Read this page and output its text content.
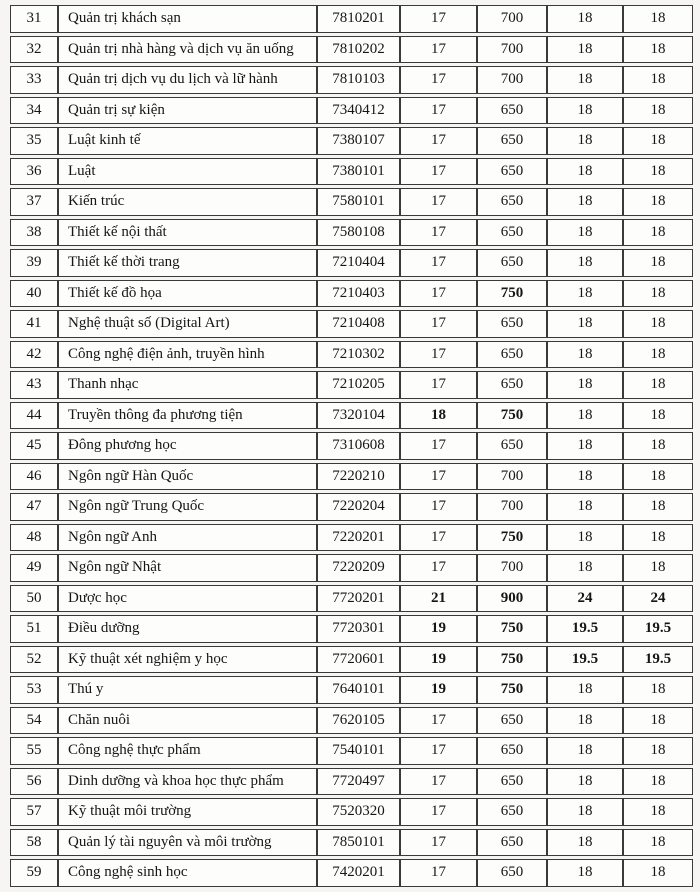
31	Quản trị khách sạn	7810201	17	700	18	18
32	Quản trị nhà hàng và dịch vụ ăn uống	7810202	17	700	18	18
33	Quản trị dịch vụ du lịch và lữ hành	7810103	17	700	18	18
34	Quản trị sự kiện	7340412	17	650	18	18
35	Luật kinh tế	7380107	17	650	18	18
36	Luật	7380101	17	650	18	18
37	Kiến trúc	7580101	17	650	18	18
38	Thiết kế nội thất	7580108	17	650	18	18
39	Thiết kế thời trang	7210404	17	650	18	18
40	Thiết kế đồ họa	7210403	17	750	18	18
41	Nghệ thuật số (Digital Art)	7210408	17	650	18	18
42	Công nghệ điện ảnh, truyền hình	7210302	17	650	18	18
43	Thanh nhạc	7210205	17	650	18	18
44	Truyền thông đa phương tiện	7320104	18	750	18	18
45	Đông phương học	7310608	17	650	18	18
46	Ngôn ngữ Hàn Quốc	7220210	17	700	18	18
47	Ngôn ngữ Trung Quốc	7220204	17	700	18	18
48	Ngôn ngữ Anh	7220201	17	750	18	18
49	Ngôn ngữ Nhật	7220209	17	700	18	18
50	Dược học	7720201	21	900	24	24
51	Điều dưỡng	7720301	19	750	19.5	19.5
52	Kỹ thuật xét nghiệm y học	7720601	19	750	19.5	19.5
53	Thú y	7640101	19	750	18	18
54	Chăn nuôi	7620105	17	650	18	18
55	Công nghệ thực phẩm	7540101	17	650	18	18
56	Dinh dưỡng và khoa học thực phẩm	7720497	17	650	18	18
57	Kỹ thuật môi trường	7520320	17	650	18	18
58	Quản lý tài nguyên và môi trường	7850101	17	650	18	18
59	Công nghệ sinh học	7420201	17	650	18	18
